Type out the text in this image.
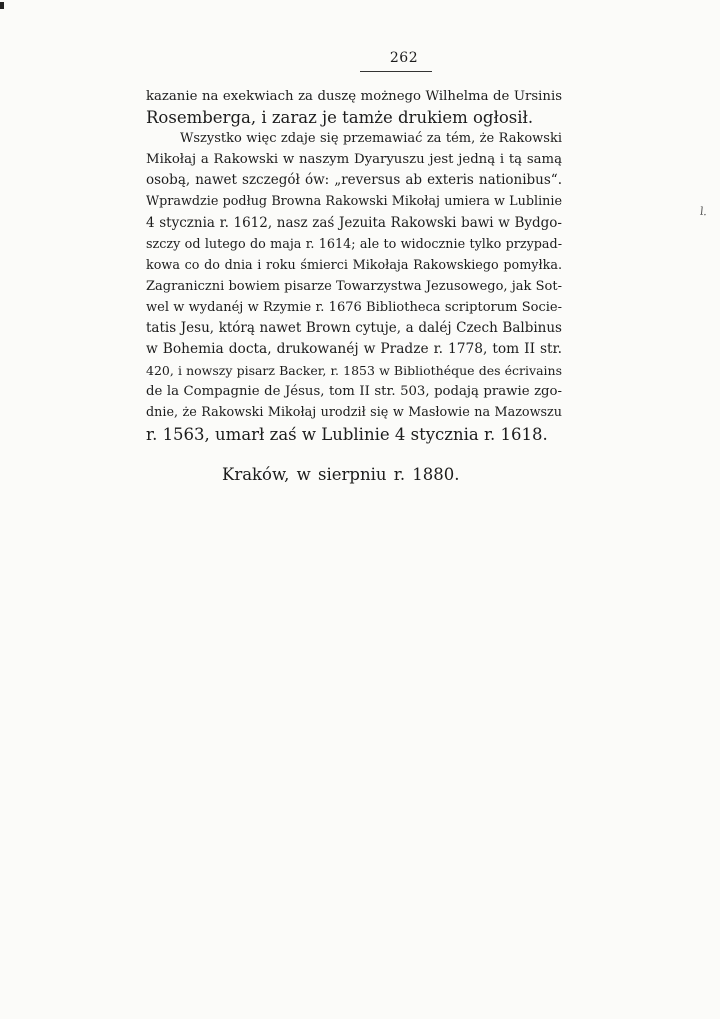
l.
262
kazanie na exekwiach za duszę możnego Wilhelma de Ursinis
Rosemberga, i zaraz je tamże drukiem ogłosił.
Wszystko więc zdaje się przemawiać za tém, że Rakowski
Mikołaj a Rakowski w naszym Dyaryuszu jest jedną i tą samą
osobą, nawet szczegół ów: „reversus ab exteris nationibus“.
Wprawdzie podług Browna Rakowski Mikołaj umiera w Lublinie
4 stycznia r. 1612, nasz zaś Jezuita Rakowski bawi w Bydgo-
szczy od lutego do maja r. 1614; ale to widocznie tylko przypad-
kowa co do dnia i roku śmierci Mikołaja Rakowskiego pomyłka.
Zagraniczni bowiem pisarze Towarzystwa Jezusowego, jak Sot-
wel w wydanéj w Rzymie r. 1676 Bibliotheca scriptorum Socie-
tatis Jesu, którą nawet Brown cytuje, a daléj Czech Balbinus
w Bohemia docta, drukowanéj w Pradze r. 1778, tom II str.
420, i nowszy pisarz Backer, r. 1853 w Bibliothéque des écrivains
de la Compagnie de Jésus, tom II str. 503, podają prawie zgo-
dnie, że Rakowski Mikołaj urodził się w Masłowie na Mazowszu
r. 1563, umarł zaś w Lublinie 4 stycznia r. 1618.
Kraków, w sierpniu r. 1880.
